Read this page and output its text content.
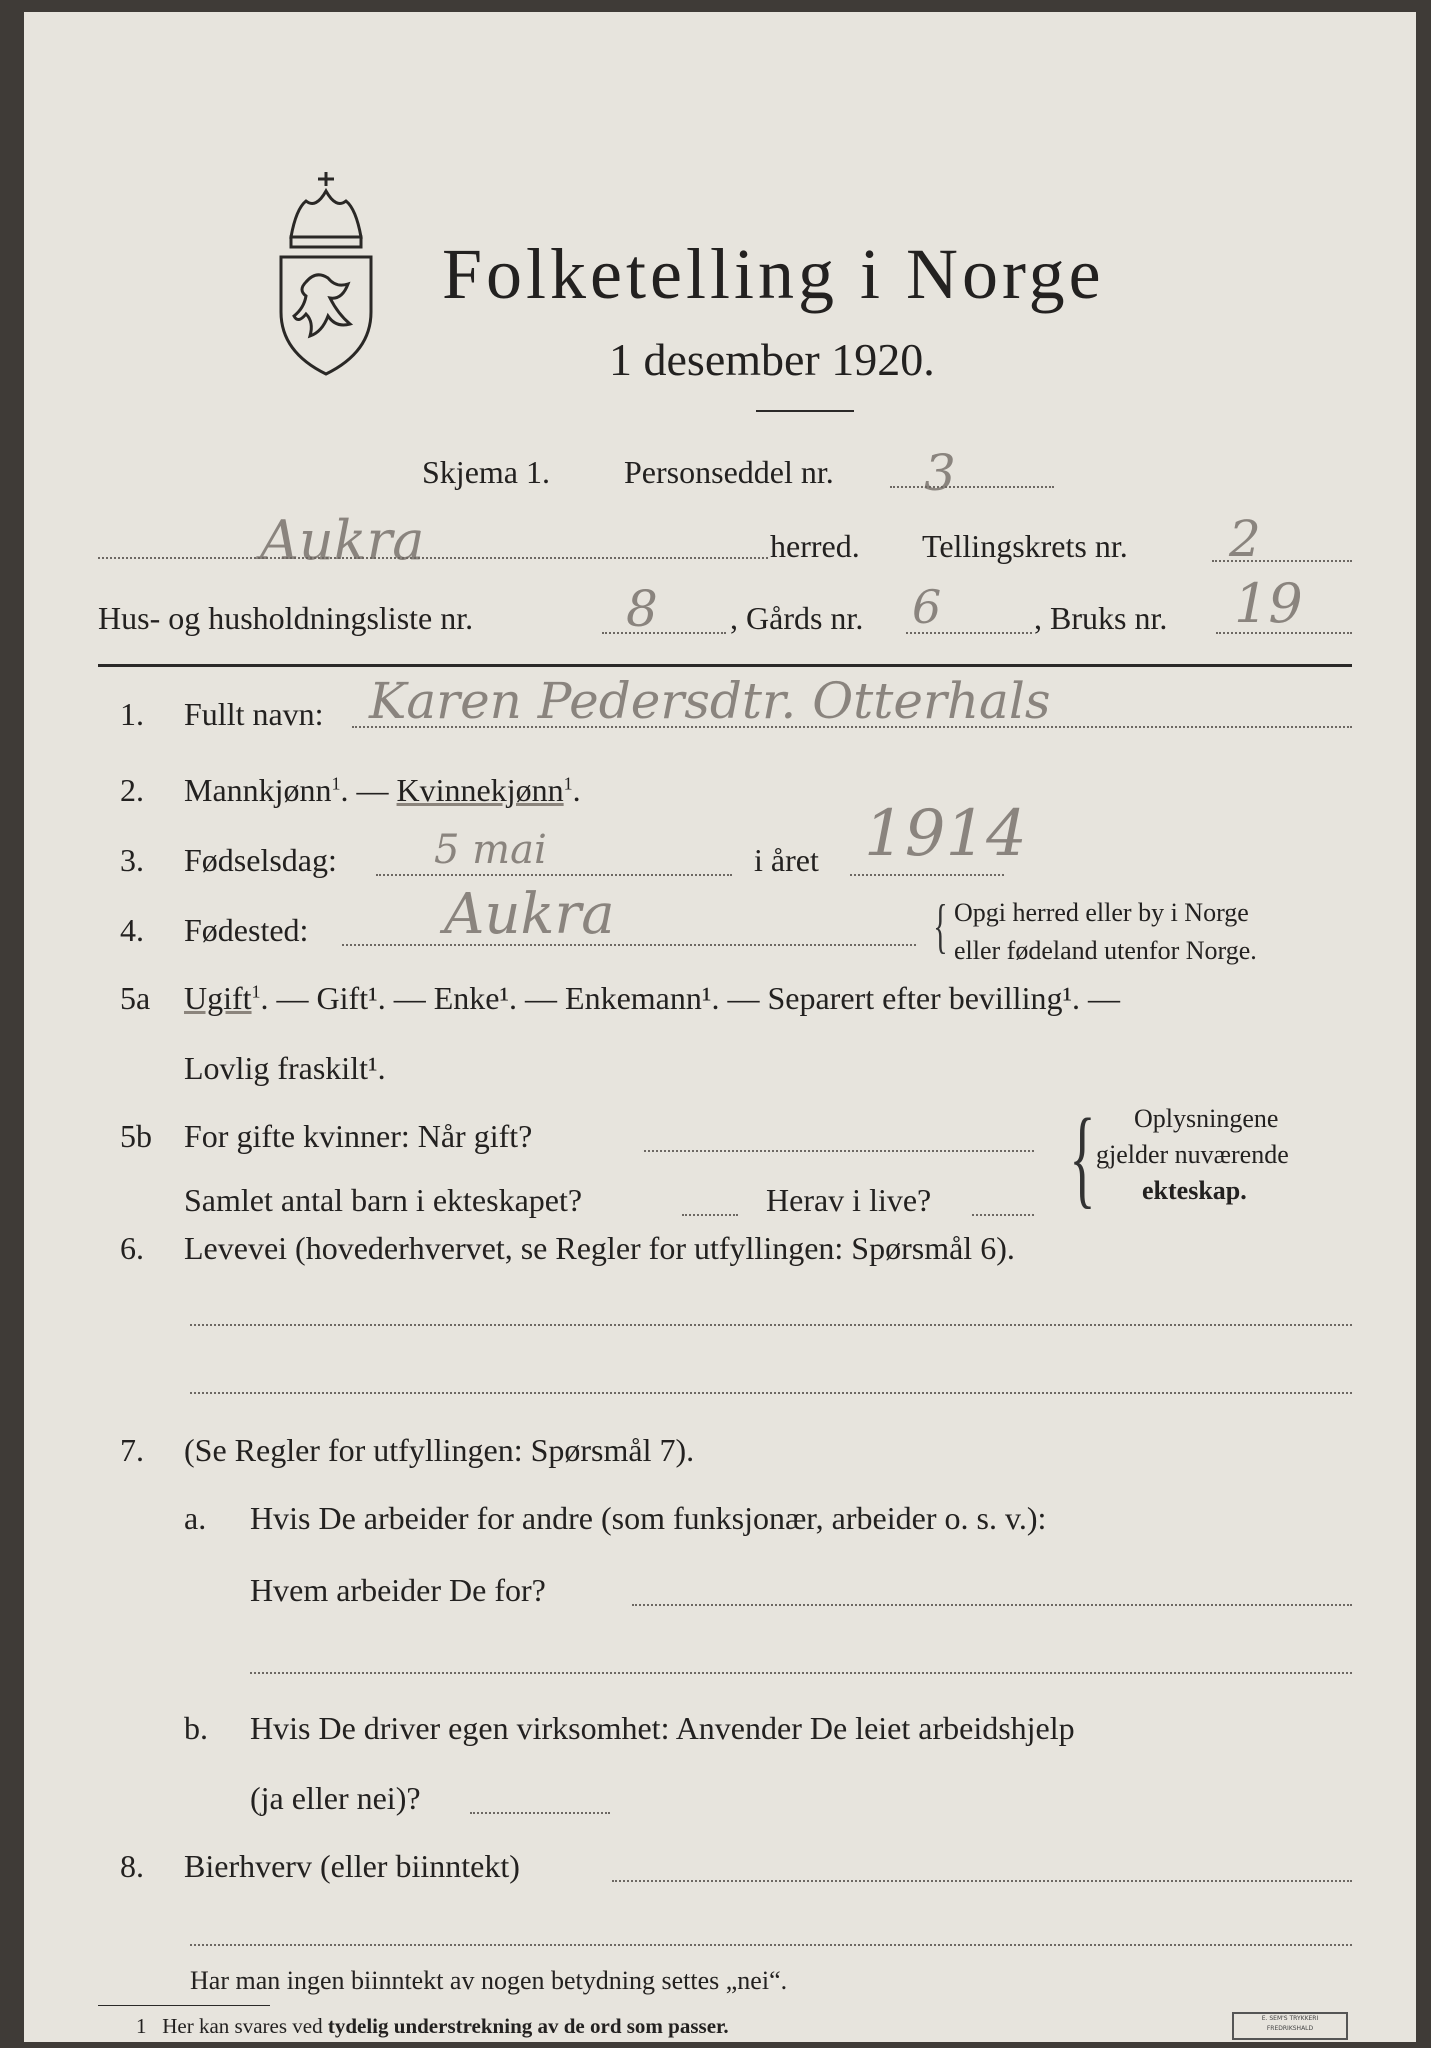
Folketelling i Norge
1 desember 1920.
Skjema 1. Personseddel nr. 3
Aukra	herred. Tellingskrets nr. 2
Hus- og husholdningsliste nr.	8 , Gårds nr. 6	, Bruks nr. 19
1. Fullt navn: Karen Pedersdtr. Otterhals
2. Mannkjønn$^1$. — Kvinnekjønn$^1$.
3. Fødselsdag: 5 mai	i året 1914
4. Fødested: Aukra	{ Opgi herred eller by i Norge
eller fødeland utenfor Norge.
5a Ugift$^1$. — Gift¹. — Enke¹. — Enkemann¹. — Separert efter bevilling¹. —
Lovlig fraskilt¹.
5b For gifte kvinner: Når gift?
Samlet antal barn i ekteskapet?	Herav i live? { Oplysningene
gjelder nuværende
ekteskap.
6. Levevei (hovederhvervet, se Regler for utfyllingen: Spørsmål 6).
7. (Se Regler for utfyllingen: Spørsmål 7).
a. Hvis De arbeider for andre (som funksjonær, arbeider o. s. v.):
Hvem arbeider De for?
b. Hvis De driver egen virksomhet: Anvender De leiet arbeidshjelp
(ja eller nei)?
8. Bierhverv (eller biinntekt)
Har man ingen biinntekt av nogen betydning settes „nei“.
1 Her kan svares ved tydelig understrekning av de ord som passer.	E. SEM'S TRYKKERI
FREDRIKSHALD
